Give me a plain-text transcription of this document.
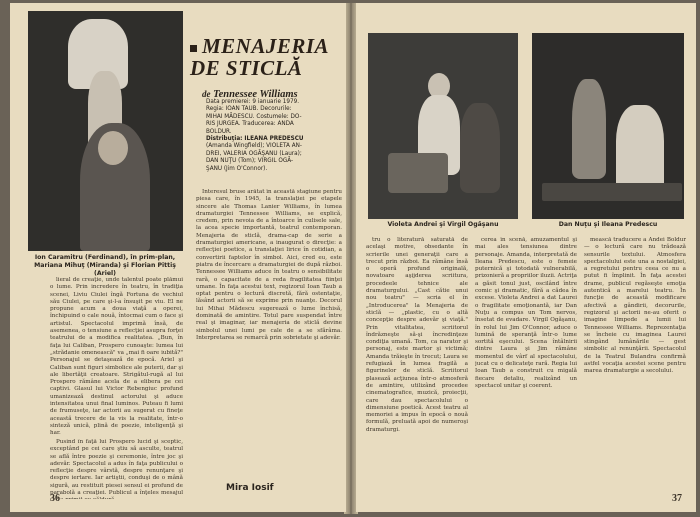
Ion Caramitru (Ferdinand), în prim-plan, Mariana Mihuţ (Miranda) şi Florian Pittiş (Ariel)
MENAJERIA DE STICLĂ
de Tennessee Williams
Data premierei: 9 ianuarie 1979.
Regia: IOAN TAUB. Decorurile:
MIHAI MĂDESCU. Costumele: DO-
RIS JURGEA. Traducerea: ANDA
BOLDUR.
Distribuţia: ILEANA PREDESCU
(Amanda Wingfield); VIOLETA AN-
DREI, VALERIA OGĂŞANU (Laura);
DAN NUŢU (Tom); VIRGIL OGĂ-
ŞANU (Jim O'Connor).

lieral de creaţie, unde talentul poate plămui o lume. Prin incredere în teatru, în tradiţia scenei, Liviu Ciulei îngă Fortuna de vechiul său Ciulei, pe care şi-l-a însuşit pe viu. El ne propune acum a doua viaţă a operei, închipuind o cale nouă, întocmai cum o face şi artistul. Spectacolul imprimă însă, de asemenea, o tensiune a reflecţiei asupra forţei teatrului de a modifica realitatea. „Bun, în faţa lui Caliban, Prospero cunoaşte: lumea lui „strădanie omenească" va „mai fi oare iubită?" Personajul se detaşează de epocă. Ariel şi Caliban sunt figuri simbolice ale puterii, dar şi ale libertăţii creatoare. Strigătul-rugă al lui Prospero rămâne acela de a elibera pe cei captivi. Glasul lui Victor Rebengiuc profund umanizează destinul actorului şi aduce intensitatea unui final luminos. Puteau fi lumi de frumuseţe, iar actorii au sugerat cu fineţe această trecere de la vis la realitate, într-o sinteză unică, plină de poezie, inteligenţă şi har.

Pusind în faţă lui Prospero lucid şi sceptic, exceptând pe cei care ştiu să asculte, teatrul se află între poezie şi ceremonie, între joc şi adevăr. Spectacolul a adus în faţa publicului o reflecţie despre vârstă, despre renunţare şi despre iertare. Iar artiştii, conduşi de o mână sigură, au restituit piesei sensul ei profund de parabolă a creaţiei. Publicul a înţeles mesajul

Interesul bruse arătat în această stagiune pentru piesa care, în 1945, la translaţiei pe etapele sincere ale Thomas Lanier Williams, în lumea dramaturgiei Tennessee Williams, se explică, credem, prin nevoia de a întoarce în culisele sale, la acea specie importantă, teatrul contemporan. Menajeria de sticlă, drama-cap de serie a dramaturgiei americane, a inaugurat o direcţie: a reflecţiei poetice, a translaţiei lirice în cotidian, a convertirii faptelor în simbol. Aici, cred eu, este piatra de încercare a dramaturgiei de după război. Tennessee Williams aduce în teatru o sensibilitate rară, o capacitate de a reda fragilitatea fiinţei umane. În faţa acestui text, regizorul Ioan Taub a optat pentru o lectură discretă, fără ostentaţie, lăsând actorii să se exprime prin nuanţe. Decorul lui Mihai Mădescu sugerează o lume închisă, dominată de amintire. Totul pare suspendat între real şi imaginar, iar menajeria de sticlă devine simbolul unei lumi pe cale de a se sfărâma. Interpretarea se remarcă prin sobrietate şi adevăr.

Mira Iosif
36
Violeta Andrei şi Virgil Ogăşanu	Dan Nuţu şi Ileana Predescu

tru o literatură saturată de acelaşi motive, obsedante în scrierile unei generaţii care a trecut prin război. Ea rămâne însă o operă profund originală, novatoare aşijderea scriitura, procedeele tehnice ale dramaturgului. „Cast cătie unui nou teatru" — scria el în „Introducerea" la Menajeria de sticlă — „plastic, cu o altă concepţie despre adevăr şi viaţă." Prin vitalitatea, scriitorul îndrăzneşte să-şi încredinţeze condiţia umană. Tom, ca narator şi personaj, este martor şi victimă; Amanda trăieşte în trecut; Laura se refugiază în lumea fragilă a figurinelor de sticlă. Scriitorul plasează acţiunea într-o atmosferă de amintire, utilizând procedee cinematografice, muzică, proiecţii, care dau spectacolului o dimensiune poetică. Acest teatru al memoriei a impus în epocă o nouă formulă, preluată apoi de numeroşi dramaturgi.

cerea în scenă, amuzamentul şi mai ales tensiunea dintre personaje. Amanda, interpretată de Ileana Predescu, este o femeie puternică şi totodată vulnerabilă, prizonieră a propriilor iluzii. Actriţa a găsit tonul just, oscilând între comic şi dramatic, fără a cădea în excese. Violeta Andrei a dat Laurei o fragilitate emoţionantă, iar Dan Nuţu a compus un Tom nervos, însetat de evadare. Virgil Ogăşanu, în rolul lui Jim O'Connor, aduce o lumină de speranţă într-o lume sortită eşecului. Scena întâlnirii dintre Laura şi Jim rămâne momentul de vârf al spectacolului, jucat cu o delicateţe rară. Regia lui Ioan Taub a construit cu migală fiecare detaliu, realizând un spectacol unitar şi coerent.

mească traducere a Andei Boldur — o lectură care nu trădează sensurile textului. Atmosfera spectacolului este una a nostalgiei, a regretului pentru ceea ce nu a putut fi împlinit. În faţa acestei drame, publicul regăseşte emoţia autentică a marelui teatru. În funcţie de această modificare afectivă a gândirii, decorurile, regizorul şi actorii ne-au oferit o imagine limpede a lumii lui Tennessee Williams. Reprezentaţia se încheie cu imaginea Laurei stingând lumânările — gest simbolic al renunţării. Spectacolul de la Teatrul Bulandra confirmă astfel vocaţia acestei scene pentru marea dramaturgie a secolului.

37
